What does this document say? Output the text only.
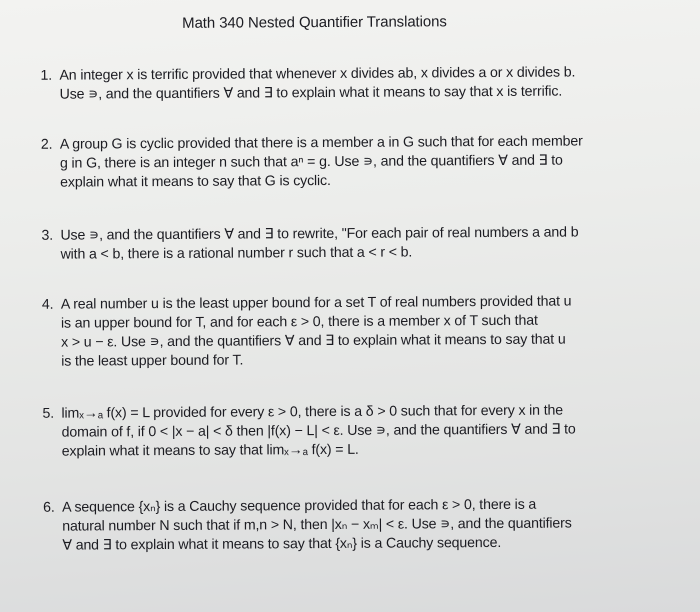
Math 340 Nested Quantifier Translations

1. An integer x is terrific provided that whenever x divides ab, x divides a or x divides b.

Use ∍, and the quantifiers ∀ and ∃ to explain what it means to say that x is terrific.

2. A group G is cyclic provided that there is a member a in G such that for each member

g in G, there is an integer n such that aⁿ = g. Use ∍, and the quantifiers ∀ and ∃ to

explain what it means to say that G is cyclic.

3. Use ∍, and the quantifiers ∀ and ∃ to rewrite, "For each pair of real numbers a and b

with a < b, there is a rational number r such that a < r < b.

4. A real number u is the least upper bound for a set T of real numbers provided that u

is an upper bound for T, and for each ε > 0, there is a member x of T such that

x > u − ε. Use ∍, and the quantifiers ∀ and ∃ to explain what it means to say that u

is the least upper bound for T.

5. limₓ→ₐ f(x) = L provided for every ε > 0, there is a δ > 0 such that for every x in the

domain of f, if 0 < |x − a| < δ then |f(x) − L| < ε. Use ∍, and the quantifiers ∀ and ∃ to

explain what it means to say that limₓ→ₐ f(x) = L.

6. A sequence {xₙ} is a Cauchy sequence provided that for each ε > 0, there is a

natural number N such that if m,n > N, then |xₙ − xₘ| < ε. Use ∍, and the quantifiers

∀ and ∃ to explain what it means to say that {xₙ} is a Cauchy sequence.
